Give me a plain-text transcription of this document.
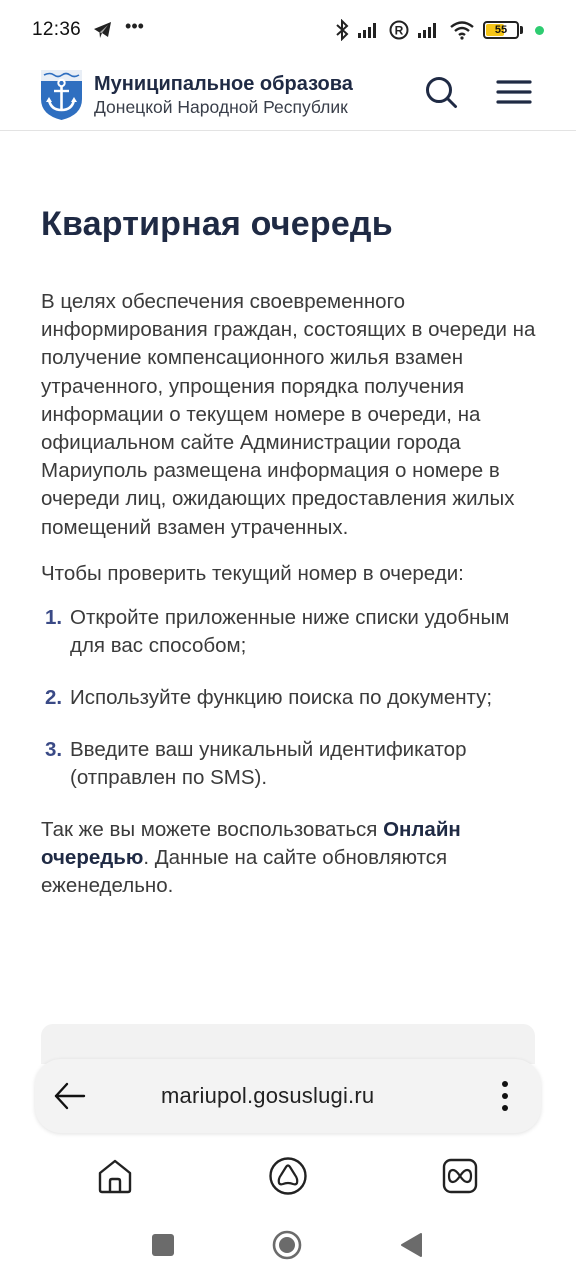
12:36 •••	R	55
Муниципальное образова
Донецкой Народной Республик
Квартирная очередь

В целях обеспечения своевременного информирования граждан, состоящих в очереди на получение компенсационного жилья взамен утраченного, упрощения порядка получения информации о текущем номере в очереди, на официальном сайте Администрации города Мариуполь размещена информация о номере в очереди лиц, ожидающих предоставления жилых помещений взамен утраченных.

Чтобы проверить текущий номер в очереди:

1. Откройте приложенные ниже списки удобным для вас способом;
2. Используйте функцию поиска по документу;
3. Введите ваш уникальный идентификатор (отправлен по SMS).

Так же вы можете воспользоваться Онлайн очередью. Данные на сайте обновляются еженедельно.

mariupol.gosuslugi.ru
